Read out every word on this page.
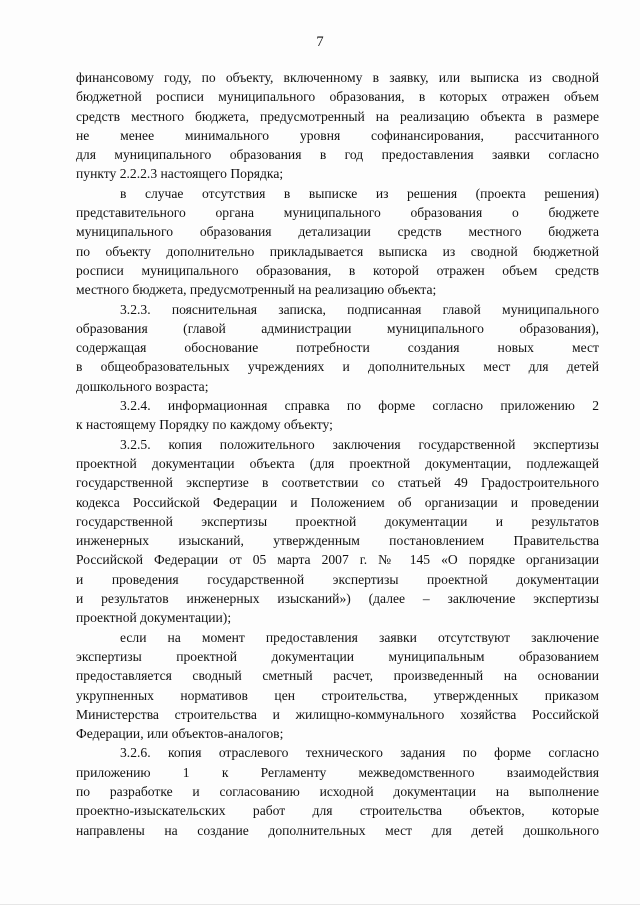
7
финансовому году, по объекту, включенному в заявку, или выписка из сводной
бюджетной росписи муниципального образования, в которых отражен объем
средств местного бюджета, предусмотренный на реализацию объекта в размере
не менее минимального уровня софинансирования, рассчитанного
для муниципального образования в год предоставления заявки согласно
пункту 2.2.2.3 настоящего Порядка;
в случае отсутствия в выписке из решения (проекта решения)
представительного органа муниципального образования о бюджете
муниципального образования детализации средств местного бюджета
по объекту дополнительно прикладывается выписка из сводной бюджетной
росписи муниципального образования, в которой отражен объем средств
местного бюджета, предусмотренный на реализацию объекта;
3.2.3. пояснительная записка, подписанная главой муниципального
образования (главой администрации муниципального образования),
содержащая обоснование потребности создания новых мест
в общеобразовательных учреждениях и дополнительных мест для детей
дошкольного возраста;
3.2.4. информационная справка по форме согласно приложению 2
к настоящему Порядку по каждому объекту;
3.2.5. копия положительного заключения государственной экспертизы
проектной документации объекта (для проектной документации, подлежащей
государственной экспертизе в соответствии со статьей 49 Градостроительного
кодекса Российской Федерации и Положением об организации и проведении
государственной экспертизы проектной документации и результатов
инженерных изысканий, утвержденным постановлением Правительства
Российской Федерации от 05 марта 2007 г. № 145 «О порядке организации
и проведения государственной экспертизы проектной документации
и результатов инженерных изысканий») (далее – заключение экспертизы
проектной документации);
если на момент предоставления заявки отсутствуют заключение
экспертизы проектной документации муниципальным образованием
предоставляется сводный сметный расчет, произведенный на основании
укрупненных нормативов цен строительства, утвержденных приказом
Министерства строительства и жилищно-коммунального хозяйства Российской
Федерации, или объектов-аналогов;
3.2.6. копия отраслевого технического задания по форме согласно
приложению 1 к Регламенту межведомственного взаимодействия
по разработке и согласованию исходной документации на выполнение
проектно-изыскательских работ для строительства объектов, которые
направлены на создание дополнительных мест для детей дошкольного
